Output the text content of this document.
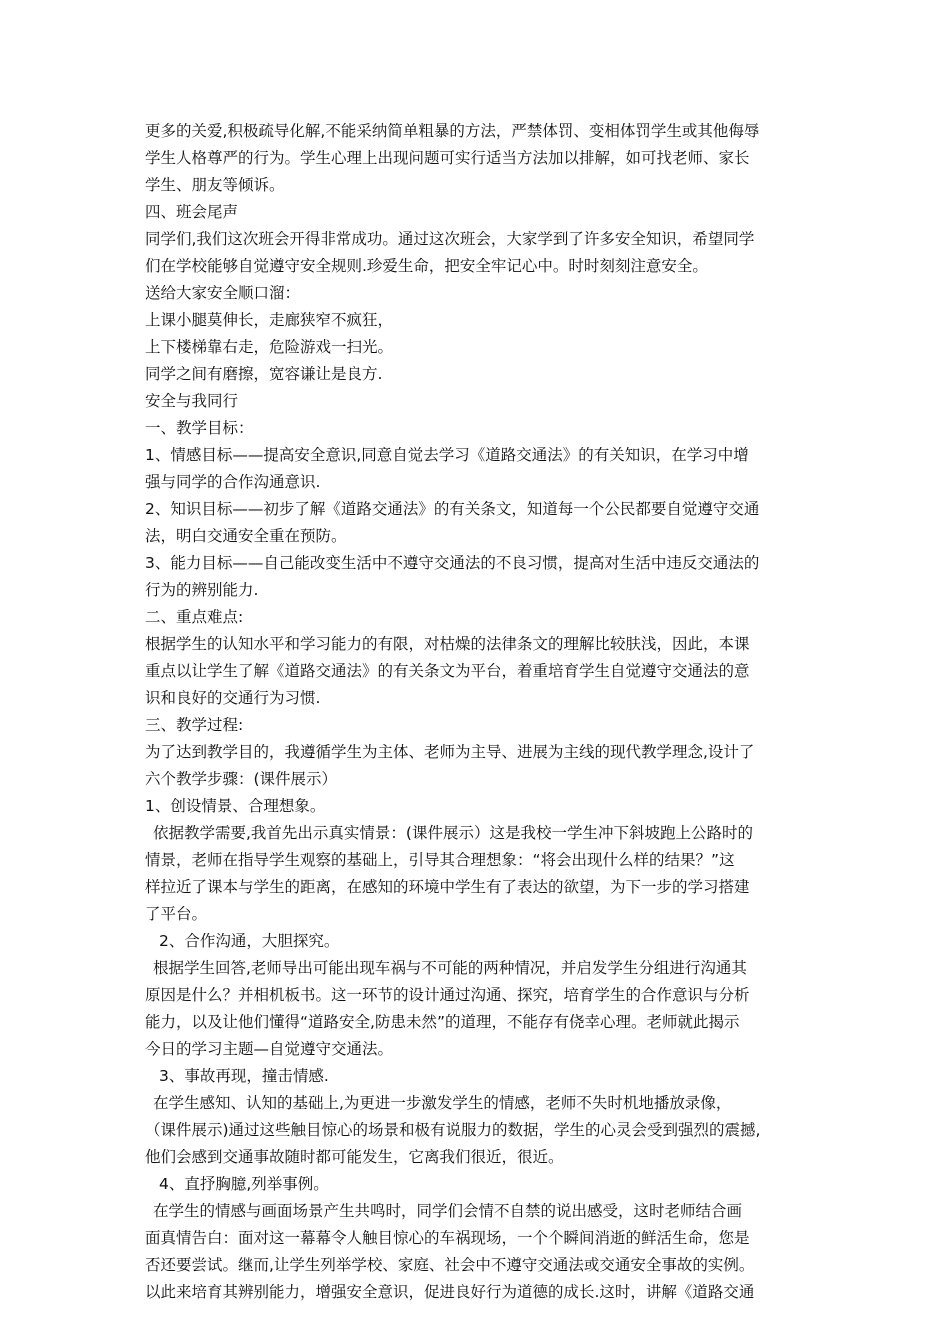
更多的关爱,积极疏导化解,不能采纳简单粗暴的方法，严禁体罚、变相体罚学生或其他侮辱
学生人格尊严的行为。学生心理上出现问题可实行适当方法加以排解，如可找老师、家长
学生、朋友等倾诉。
四、班会尾声
同学们,我们这次班会开得非常成功。通过这次班会，大家学到了许多安全知识，希望同学
们在学校能够自觉遵守安全规则.珍爱生命，把安全牢记心中。时时刻刻注意安全。
送给大家安全顺口溜：
上课小腿莫伸长，走廊狭窄不疯狂，
上下楼梯靠右走，危险游戏一扫光。
同学之间有磨擦，宽容谦让是良方.
安全与我同行
一、教学目标：
1、情感目标——提高安全意识,同意自觉去学习《道路交通法》的有关知识，在学习中增
强与同学的合作沟通意识.
2、知识目标——初步了解《道路交通法》的有关条文，知道每一个公民都要自觉遵守交通
法，明白交通安全重在预防。
3、能力目标——自己能改变生活中不遵守交通法的不良习惯，提高对生活中违反交通法的
行为的辨别能力.
二、重点难点:
根据学生的认知水平和学习能力的有限，对枯燥的法律条文的理解比较肤浅，因此，本课
重点以让学生了解《道路交通法》的有关条文为平台，着重培育学生自觉遵守交通法的意
识和良好的交通行为习惯.
三、教学过程:
为了达到教学目的，我遵循学生为主体、老师为主导、进展为主线的现代教学理念,设计了
六个教学步骤：(课件展示）
1、创设情景、合理想象。
依据教学需要,我首先出示真实情景：(课件展示）这是我校一学生冲下斜坡跑上公路时的
情景，老师在指导学生观察的基础上，引导其合理想象：“将会出现什么样的结果？”这
样拉近了课本与学生的距离，在感知的环境中学生有了表达的欲望，为下一步的学习搭建
了平台。
2、合作沟通，大胆探究。
根据学生回答,老师导出可能出现车祸与不可能的两种情况，并启发学生分组进行沟通其
原因是什么？并相机板书。这一环节的设计通过沟通、探究，培育学生的合作意识与分析
能力，以及让他们懂得“道路安全,防患未然”的道理，不能存有侥幸心理。老师就此揭示
今日的学习主题—自觉遵守交通法。
3、事故再现，撞击情感.
在学生感知、认知的基础上,为更进一步激发学生的情感，老师不失时机地播放录像，
（课件展示)通过这些触目惊心的场景和极有说服力的数据，学生的心灵会受到强烈的震撼,
他们会感到交通事故随时都可能发生，它离我们很近，很近。
4、直抒胸臆,列举事例。
在学生的情感与画面场景产生共鸣时，同学们会情不自禁的说出感受，这时老师结合画
面真情告白：面对这一幕幕令人触目惊心的车祸现场，一个个瞬间消逝的鲜活生命，您是
否还要尝试。继而,让学生列举学校、家庭、社会中不遵守交通法或交通安全事故的实例。
以此来培育其辨别能力，增强安全意识，促进良好行为道德的成长.这时，讲解《道路交通
